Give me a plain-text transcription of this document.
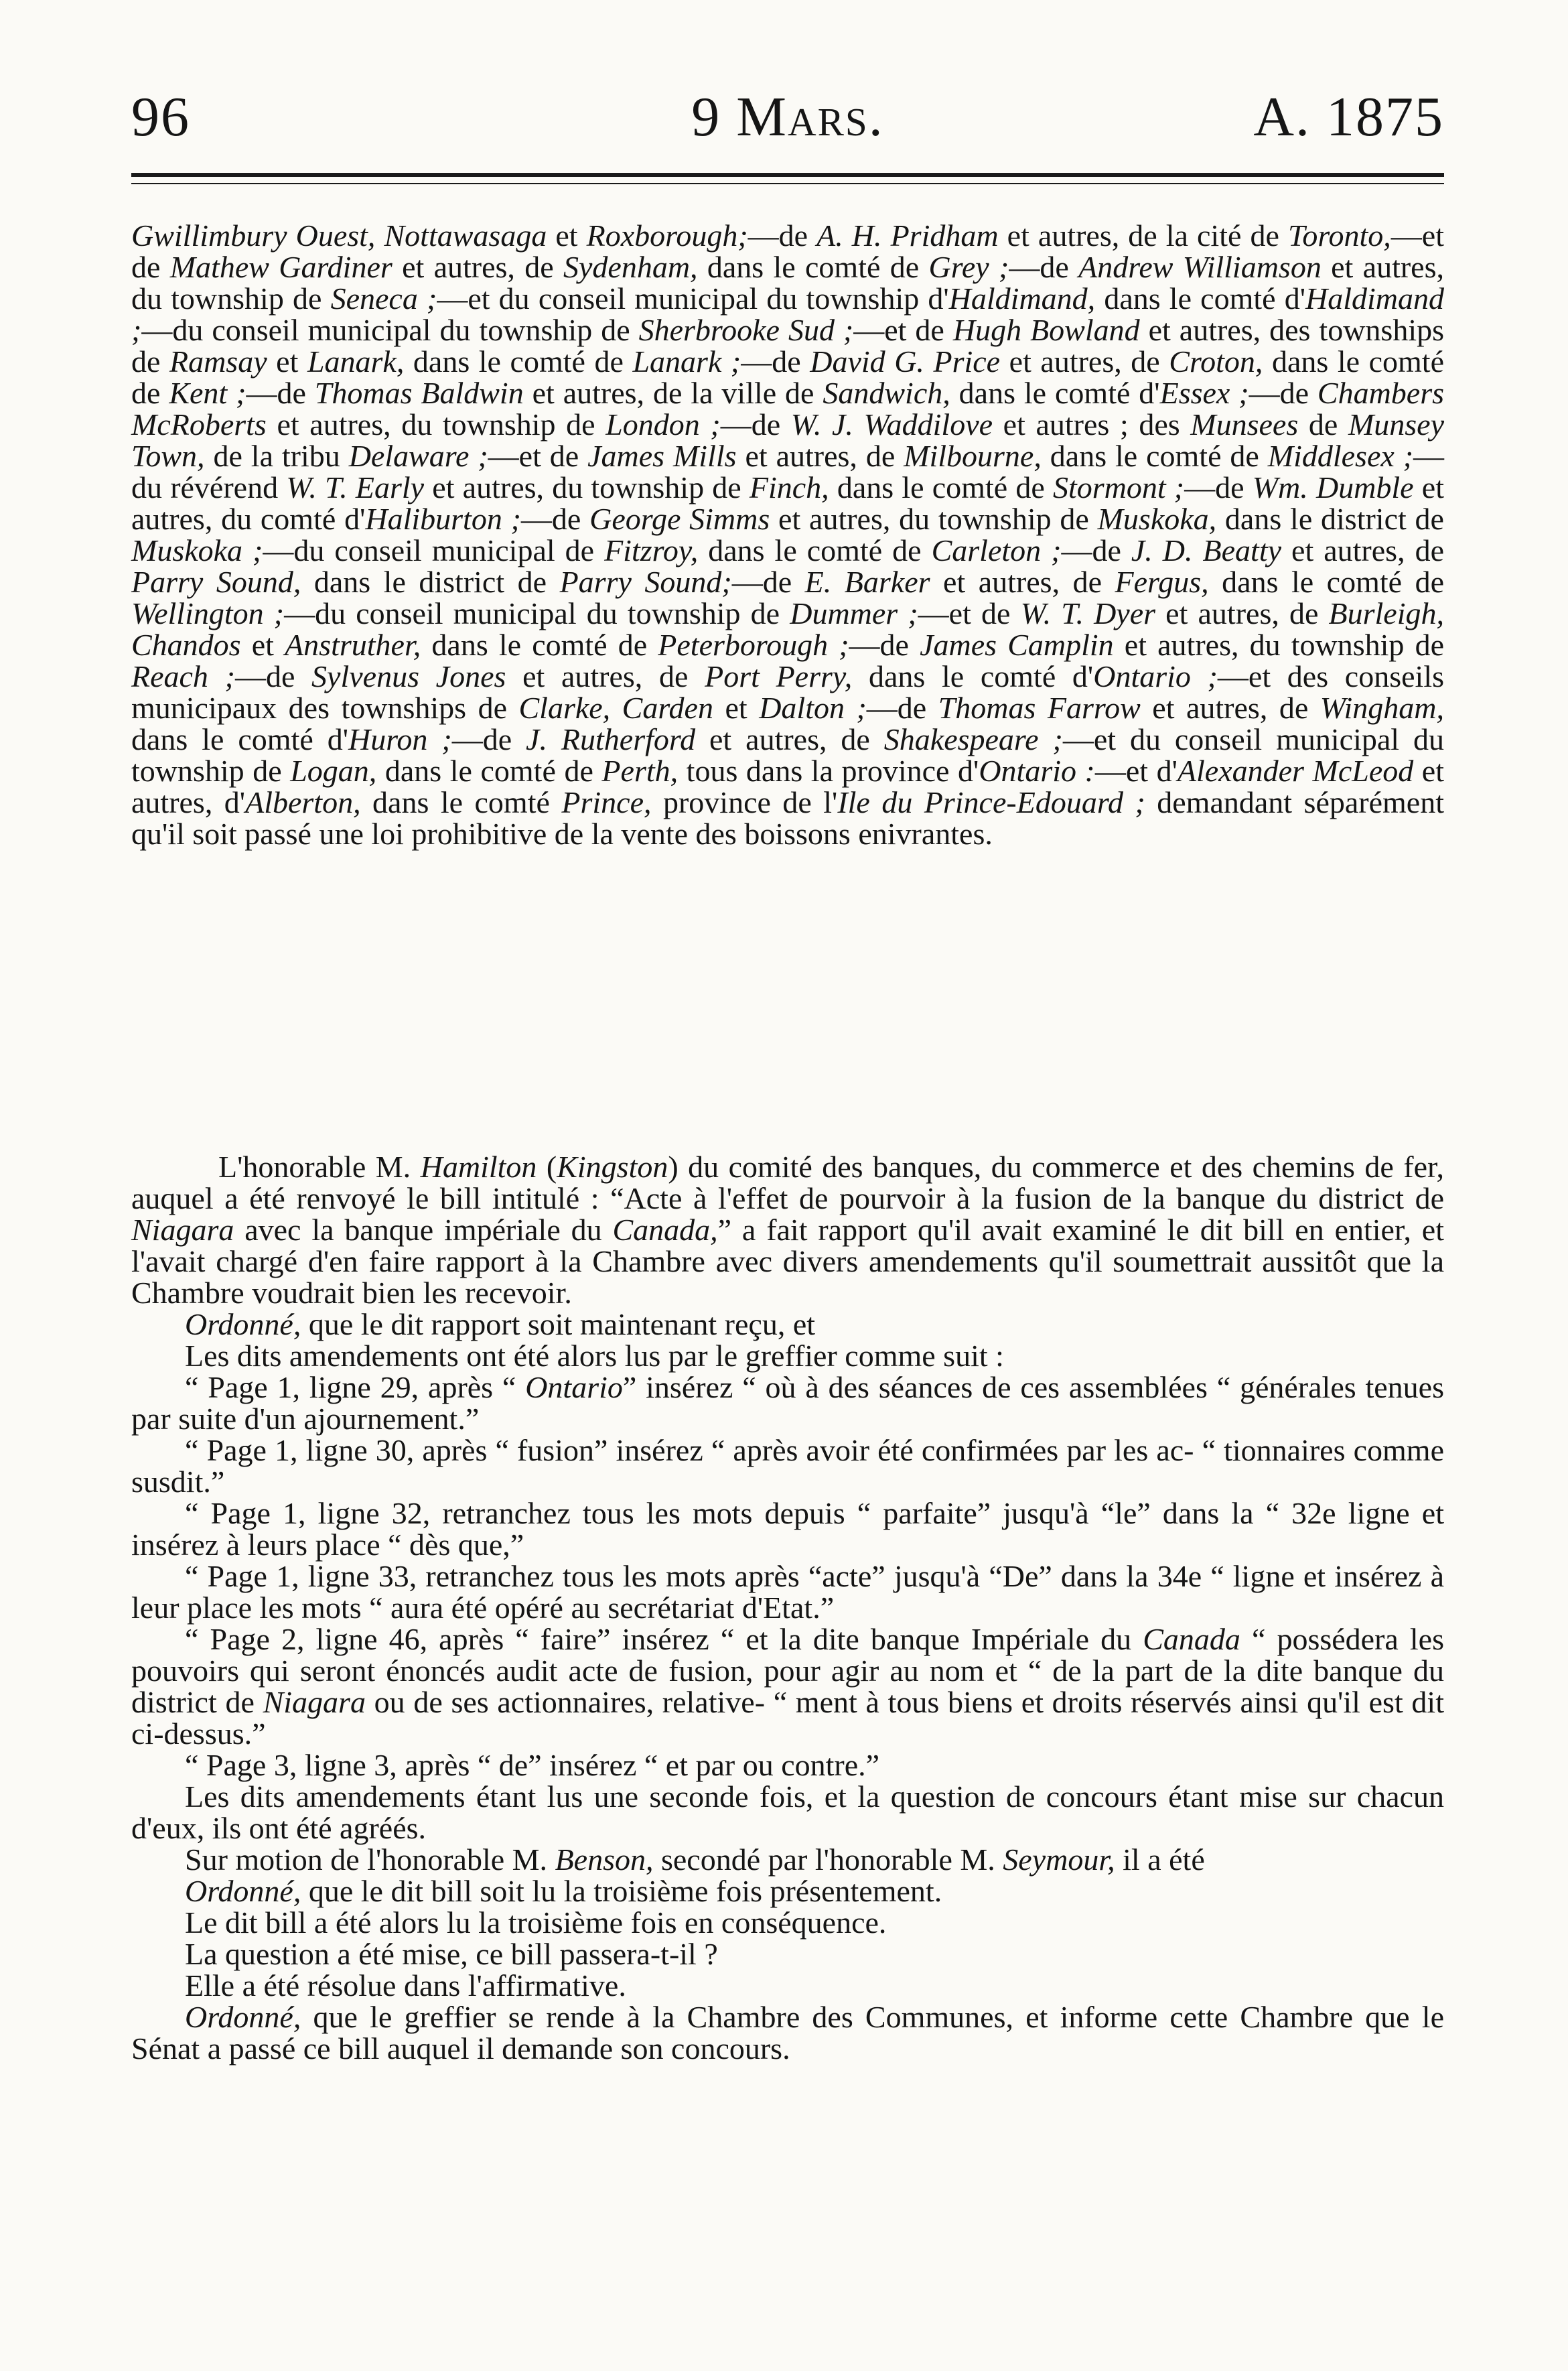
96	9 Mars.	A. 1875

Gwillimbury Ouest, Nottawasaga et Roxborough;—de A. H. Pridham et autres, de la cité de Toronto,—et de Mathew Gardiner et autres, de Sydenham, dans le comté de Grey ;—de Andrew Williamson et autres, du township de Seneca ;—et du conseil municipal du township d'Haldimand, dans le comté d'Haldimand ;—du conseil municipal du township de Sherbrooke Sud ;—et de Hugh Bowland et autres, des townships de Ramsay et Lanark, dans le comté de Lanark ;—de David G. Price et autres, de Croton, dans le comté de Kent ;—de Thomas Baldwin et autres, de la ville de Sandwich, dans le comté d'Essex ;—de Chambers McRoberts et autres, du township de London ;—de W. J. Waddilove et autres ; des Munsees de Munsey Town, de la tribu Delaware ;—et de James Mills et autres, de Milbourne, dans le comté de Middlesex ;—du révérend W. T. Early et autres, du township de Finch, dans le comté de Stormont ;—de Wm. Dumble et autres, du comté d'Haliburton ;—de George Simms et autres, du township de Muskoka, dans le district de Muskoka ;—du conseil municipal de Fitzroy, dans le comté de Carleton ;—de J. D. Beatty et autres, de Parry Sound, dans le district de Parry Sound;—de E. Barker et autres, de Fergus, dans le comté de Wellington ;—du conseil municipal du township de Dummer ;—et de W. T. Dyer et autres, de Burleigh, Chandos et Anstruther, dans le comté de Peterborough ;—de James Camplin et autres, du township de Reach ;—de Sylvenus Jones et autres, de Port Perry, dans le comté d'Ontario ;—et des conseils municipaux des townships de Clarke, Carden et Dalton ;—de Thomas Farrow et autres, de Wingham, dans le comté d'Huron ;—de J. Rutherford et autres, de Shakespeare ;—et du conseil municipal du township de Logan, dans le comté de Perth, tous dans la province d'Ontario :—et d'Alexander McLeod et autres, d'Alberton, dans le comté Prince, province de l'Ile du Prince-Edouard ; demandant séparément qu'il soit passé une loi prohibitive de la vente des boissons enivrantes.

L'honorable M. Hamilton (Kingston) du comité des banques, du commerce et des chemins de fer, auquel a été renvoyé le bill intitulé : “Acte à l'effet de pourvoir à la fusion de la banque du district de Niagara avec la banque impériale du Canada,” a fait rapport qu'il avait examiné le dit bill en entier, et l'avait chargé d'en faire rapport à la Chambre avec divers amendements qu'il soumettrait aussitôt que la Chambre voudrait bien les recevoir.

Ordonné, que le dit rapport soit maintenant reçu, et

Les dits amendements ont été alors lus par le greffier comme suit :

“ Page 1, ligne 29, après “ Ontario” insérez “ où à des séances de ces assemblées “ générales tenues par suite d'un ajournement.”

“ Page 1, ligne 30, après “ fusion” insérez “ après avoir été confirmées par les ac- “ tionnaires comme susdit.”

“ Page 1, ligne 32, retranchez tous les mots depuis “ parfaite” jusqu'à “le” dans la “ 32e ligne et insérez à leurs place “ dès que,”

“ Page 1, ligne 33, retranchez tous les mots après “acte” jusqu'à “De” dans la 34e “ ligne et insérez à leur place les mots “ aura été opéré au secrétariat d'Etat.”

“ Page 2, ligne 46, après “ faire” insérez “ et la dite banque Impériale du Canada “ possédera les pouvoirs qui seront énoncés audit acte de fusion, pour agir au nom et “ de la part de la dite banque du district de Niagara ou de ses actionnaires, relative- “ ment à tous biens et droits réservés ainsi qu'il est dit ci-dessus.”

“ Page 3, ligne 3, après “ de” insérez “ et par ou contre.”

Les dits amendements étant lus une seconde fois, et la question de concours étant mise sur chacun d'eux, ils ont été agréés.

Sur motion de l'honorable M. Benson, secondé par l'honorable M. Seymour, il a été

Ordonné, que le dit bill soit lu la troisième fois présentement.

Le dit bill a été alors lu la troisième fois en conséquence.

La question a été mise, ce bill passera-t-il ?

Elle a été résolue dans l'affirmative.

Ordonné, que le greffier se rende à la Chambre des Communes, et informe cette Chambre que le Sénat a passé ce bill auquel il demande son concours.
